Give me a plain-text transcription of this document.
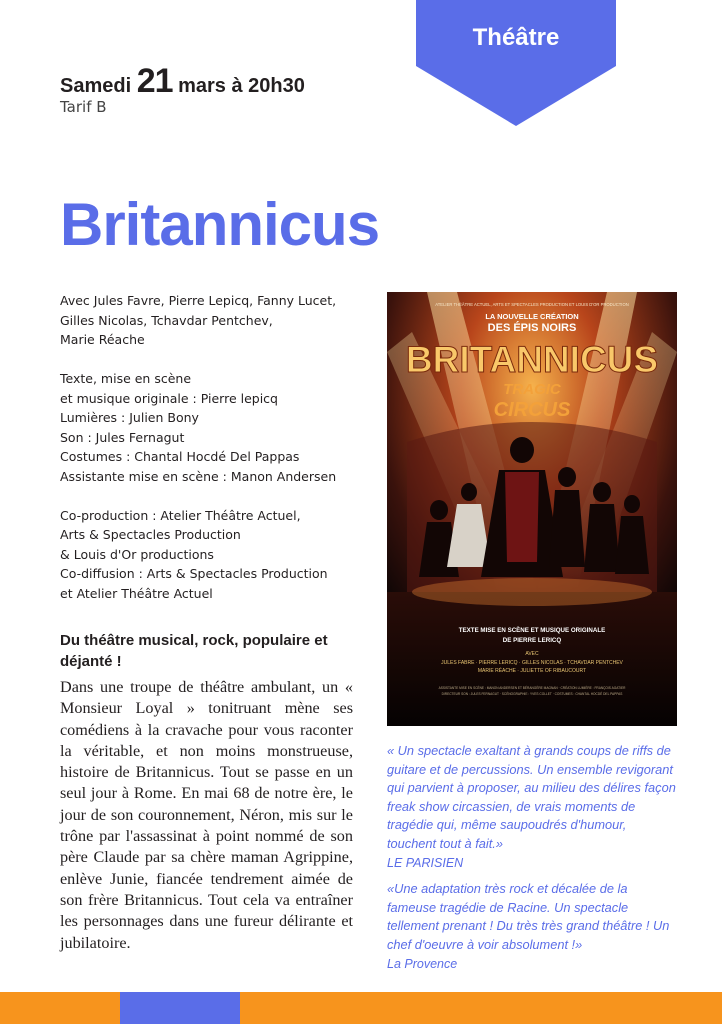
Théâtre
Samedi 21 mars à 20h30
Tarif B
Britannicus

Avec Jules Favre, Pierre Lepicq, Fanny Lucet,
Gilles Nicolas, Tchavdar Pentchev,
Marie Réache

Texte, mise en scène
et musique originale : Pierre lepicq
Lumières : Julien Bony
Son : Jules Fernagut
Costumes : Chantal Hocdé Del Pappas
Assistante mise en scène : Manon Andersen

Co-production : Atelier Théâtre Actuel,
Arts & Spectacles Production
& Louis d'Or productions
Co-diffusion : Arts & Spectacles Production
et Atelier Théâtre Actuel

Du théâtre musical, rock, populaire et déjanté !

Dans une troupe de théâtre ambulant, un « Monsieur Loyal » tonitruant mène ses comédiens à la cravache pour vous raconter la véritable, et non moins monstrueuse, histoire de Britannicus. Tout se passe en un seul jour à Rome. En mai 68 de notre ère, le jour de son couronnement, Néron, mis sur le trône par l'assassinat à point nommé de son père Claude par sa chère maman Agrippine, enlève Junie, fiancée tendrement aimée de son frère Britannicus. Tout cela va entraîner les personnages dans une fureur délirante et jubilatoire.

ATELIER THÉÂTRE ACTUEL, ARTS ET SPECTACLES PRODUCTION ET LOUIS D'OR PRODUCTION
LA NOUVELLE CRÉATION
DES ÉPIS NOIRS
BRITANNICUS
TRAGIC
CIRCUS
TEXTE MISE EN SCÈNE ET MUSIQUE ORIGINALE
DE PIERRE LERICQ
AVEC
JULES FABRE · PIERRE LERICQ · GILLES NICOLAS · TCHAVDAR PENTCHEV
MARIE RÉACHE · JULIETTE OF RIBAUCOURT
ASSISTANTE MISE EN SCÈNE : MANON ANDERSEN ET BÉRANGÈRE MAGNAN · CRÉATION LUMIÈRE : FRANÇOIS AGATIER
DIRECTEUR SON : JULES FERNAGUT · SCÉNOGRAPHIE : YVES COLLET · COSTUMES : CHANTAL HOCDÉ DEL PAPPAS

« Un spectacle exaltant à grands coups de riffs de guitare et de percussions. Un ensemble revigorant qui parvient à proposer, au milieu des délires façon freak show circassien, de vrais moments de tragédie qui, même saupoudrés d'humour, touchent tout à fait.»
LE PARISIEN

«Une adaptation très rock et décalée de la fameuse tragédie de Racine. Un spectacle tellement prenant ! Du très très grand théâtre ! Un chef d'oeuvre à voir absolument !»
La Provence
